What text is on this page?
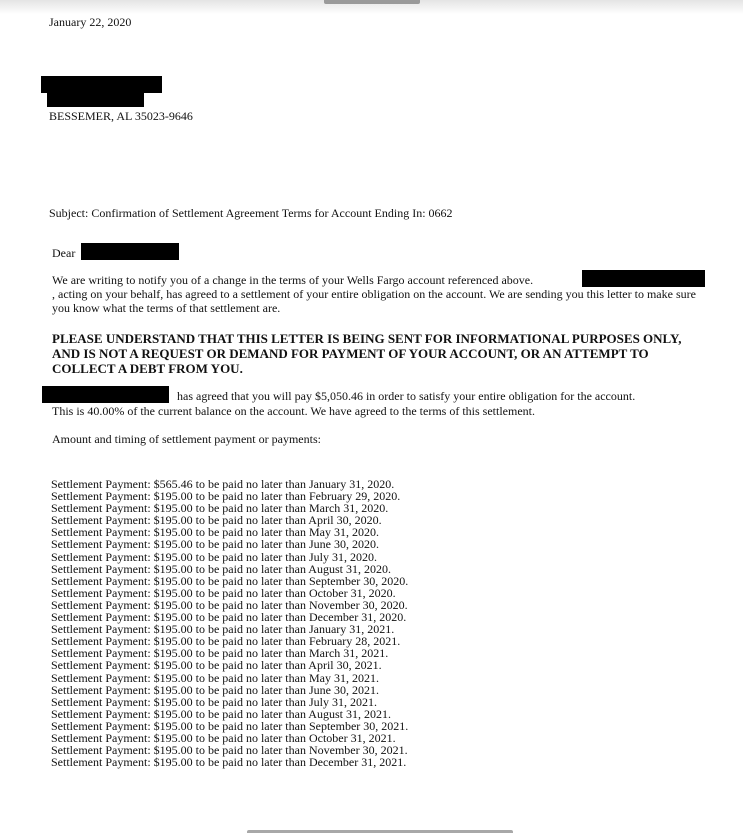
January 22, 2020
BESSEMER, AL 35023-9646
Subject: Confirmation of Settlement Agreement Terms for Account Ending In: 0662
Dear
We are writing to notify you of a change in the terms of your Wells Fargo account referenced above.

, acting on your behalf, has agreed to a settlement of your entire obligation on the account. We are sending you this letter to make sure you know what the terms of that settlement are.
PLEASE UNDERSTAND THAT THIS LETTER IS BEING SENT FOR INFORMATIONAL PURPOSES ONLY, AND IS NOT A REQUEST OR DEMAND FOR PAYMENT OF YOUR ACCOUNT, OR AN ATTEMPT TO COLLECT A DEBT FROM YOU.
has agreed that you will pay $5,050.46 in order to satisfy your entire obligation for the account.
This is 40.00% of the current balance on the account. We have agreed to the terms of this settlement.
Amount and timing of settlement payment or payments:
Settlement Payment: $565.46 to be paid no later than January 31, 2020.
Settlement Payment: $195.00 to be paid no later than February 29, 2020.
Settlement Payment: $195.00 to be paid no later than March 31, 2020.
Settlement Payment: $195.00 to be paid no later than April 30, 2020.
Settlement Payment: $195.00 to be paid no later than May 31, 2020.
Settlement Payment: $195.00 to be paid no later than June 30, 2020.
Settlement Payment: $195.00 to be paid no later than July 31, 2020.
Settlement Payment: $195.00 to be paid no later than August 31, 2020.
Settlement Payment: $195.00 to be paid no later than September 30, 2020.
Settlement Payment: $195.00 to be paid no later than October 31, 2020.
Settlement Payment: $195.00 to be paid no later than November 30, 2020.
Settlement Payment: $195.00 to be paid no later than December 31, 2020.
Settlement Payment: $195.00 to be paid no later than January 31, 2021.
Settlement Payment: $195.00 to be paid no later than February 28, 2021.
Settlement Payment: $195.00 to be paid no later than March 31, 2021.
Settlement Payment: $195.00 to be paid no later than April 30, 2021.
Settlement Payment: $195.00 to be paid no later than May 31, 2021.
Settlement Payment: $195.00 to be paid no later than June 30, 2021.
Settlement Payment: $195.00 to be paid no later than July 31, 2021.
Settlement Payment: $195.00 to be paid no later than August 31, 2021.
Settlement Payment: $195.00 to be paid no later than September 30, 2021.
Settlement Payment: $195.00 to be paid no later than October 31, 2021.
Settlement Payment: $195.00 to be paid no later than November 30, 2021.
Settlement Payment: $195.00 to be paid no later than December 31, 2021.
